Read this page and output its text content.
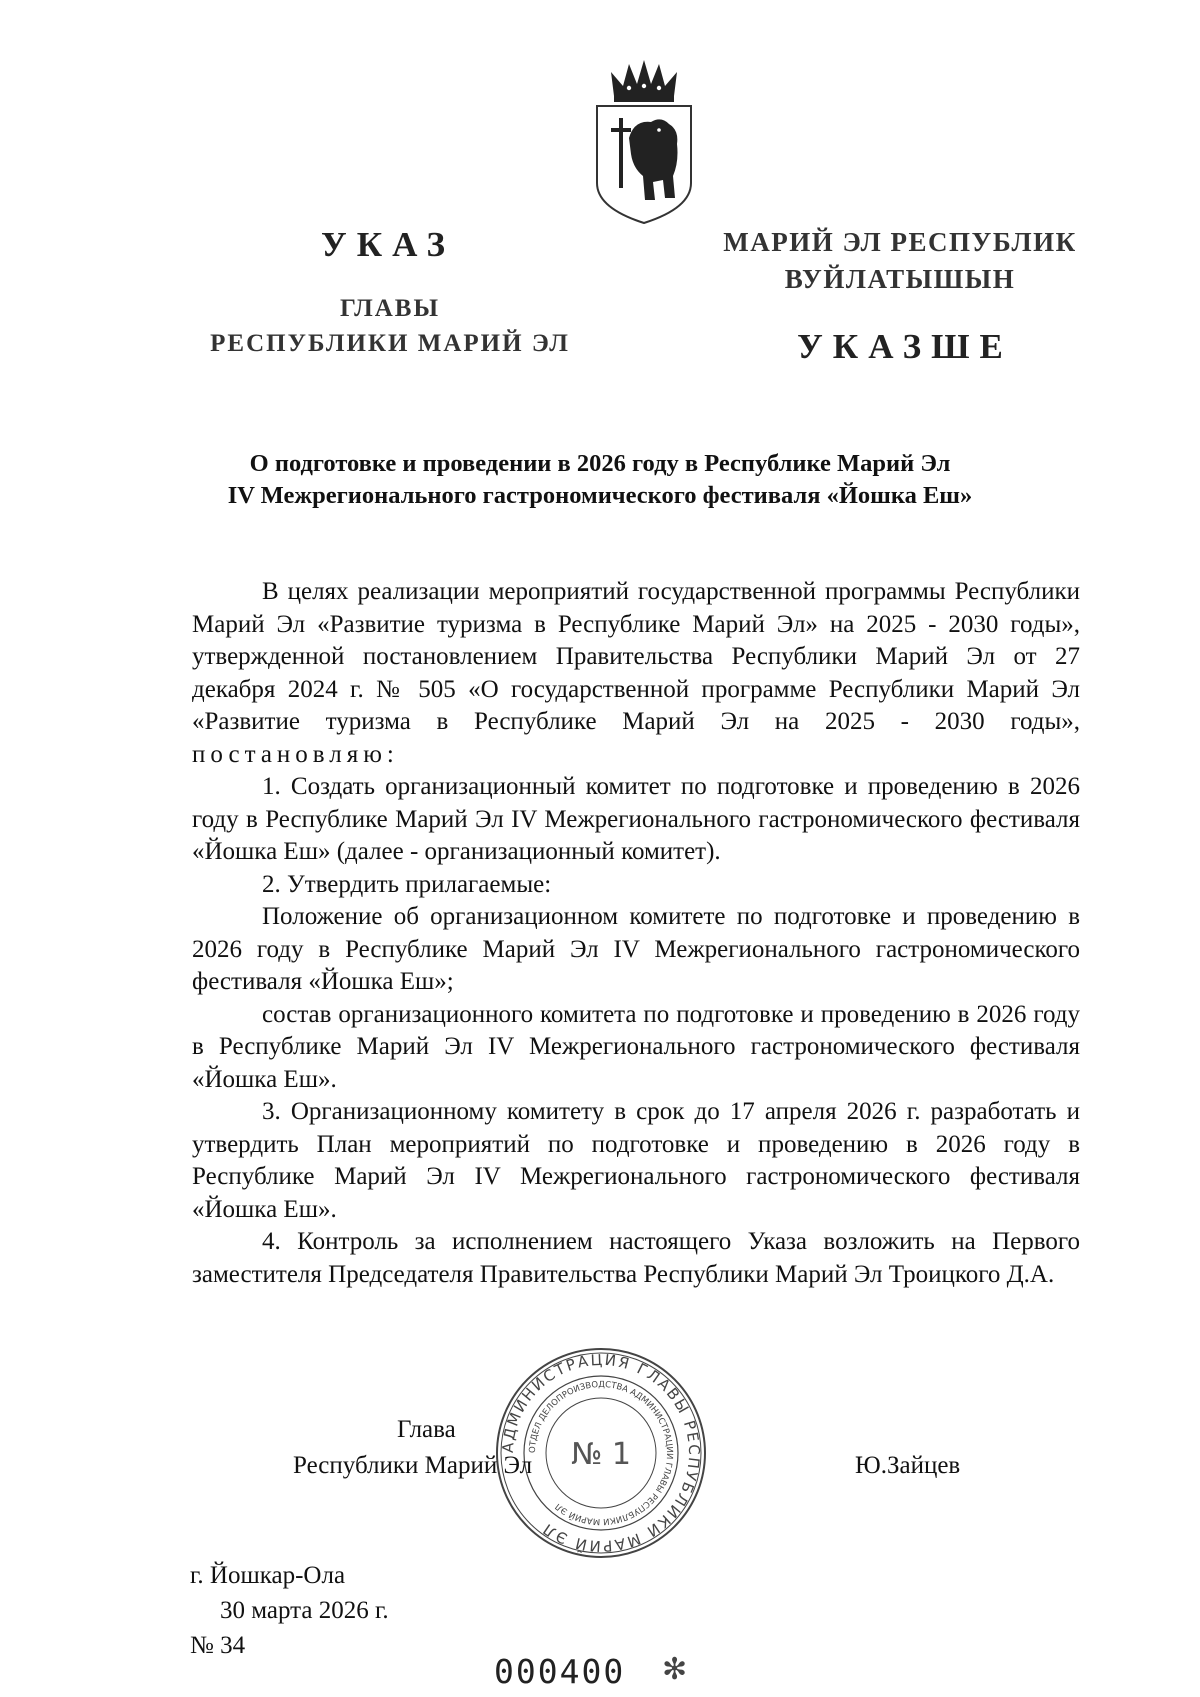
УКАЗ
ГЛАВЫ
РЕСПУБЛИКИ МАРИЙ ЭЛ
МАРИЙ ЭЛ РЕСПУБЛИК
ВУЙЛАТЫШЫН
УКАЗШЕ
О подготовке и проведении в 2026 году в Республике Марий Эл
IV Межрегионального гастрономического фестиваля «Йошка Еш»

В целях реализации мероприятий государственной программы Республики Марий Эл «Развитие туризма в Республике Марий Эл» на 2025 - 2030 годы», утвержденной постановлением Правительства Республики Марий Эл от 27 декабря 2024 г. № 505 «О государственной программе Республики Марий Эл «Развитие туризма в Республике Марий Эл на 2025 - 2030 годы», постановляю:

1. Создать организационный комитет по подготовке и проведению в 2026 году в Республике Марий Эл IV Межрегионального гастрономического фестиваля «Йошка Еш» (далее - организационный комитет).

2. Утвердить прилагаемые:

Положение об организационном комитете по подготовке и проведению в 2026 году в Республике Марий Эл IV Межрегионального гастрономического фестиваля «Йошка Еш»;

состав организационного комитета по подготовке и проведению в 2026 году в Республике Марий Эл IV Межрегионального гастрономического фестиваля «Йошка Еш».

3. Организационному комитету в срок до 17 апреля 2026 г. разработать и утвердить План мероприятий по подготовке и проведению в 2026 году в Республике Марий Эл IV Межрегионального гастрономического фестиваля «Йошка Еш».

4. Контроль за исполнением настоящего Указа возложить на Первого заместителя Председателя Правительства Республики Марий Эл Троицкого Д.А.

АДМИНИСТРАЦИЯ ГЛАВЫ РЕСПУБЛИКИ МАРИЙ ЭЛ
ОТДЕЛ ДЕЛОПРОИЗВОДСТВА АДМИНИСТРАЦИИ ГЛАВЫ РЕСПУБЛИКИ МАРИЙ ЭЛ
№ 1
Глава
Республики Марий Эл	Ю.Зайцев
г. Йошкар-Ола
30 марта 2026 г.
№ 34
000400 ✻
